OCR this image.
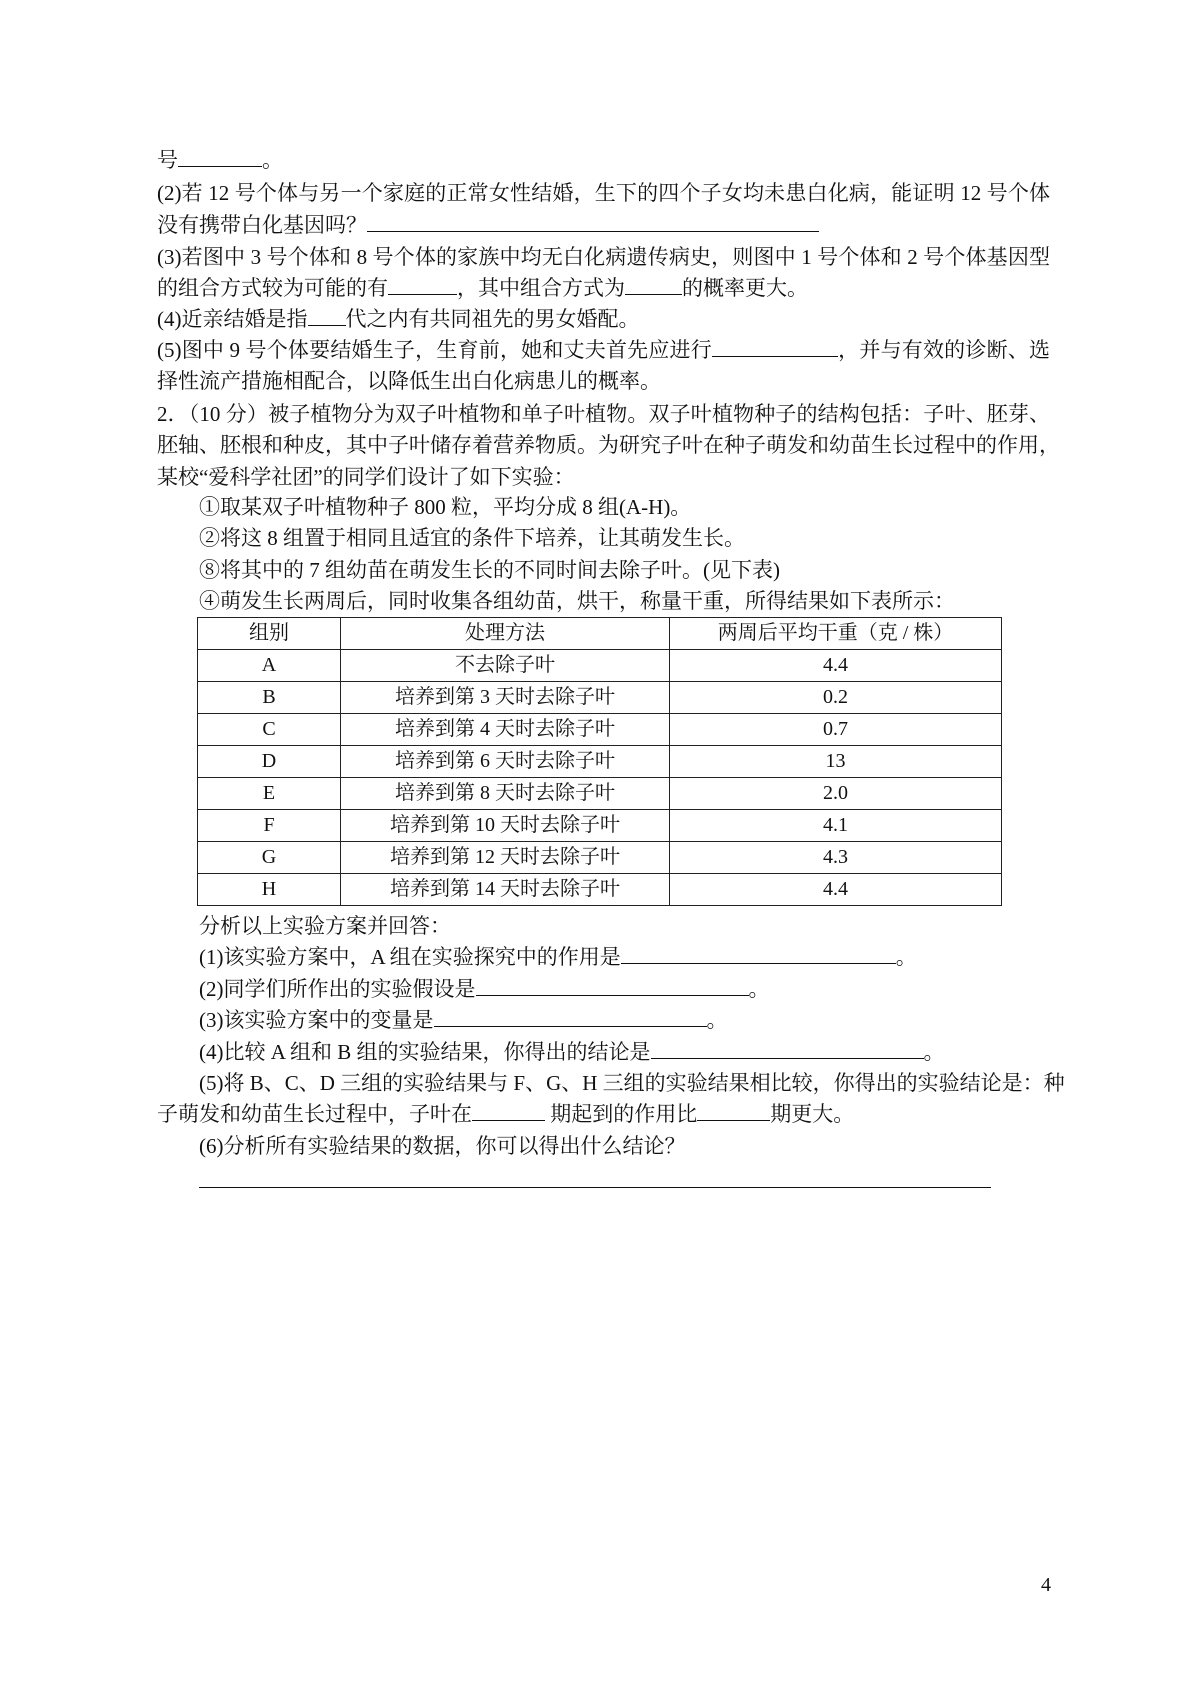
号	。
(2)若 12 号个体与另一个家庭的正常女性结婚，生下的四个子女均未患白化病，能证明 12 号个体
没有携带白化基因吗？
(3)若图中 3 号个体和 8 号个体的家族中均无白化病遗传病史，则图中 1 号个体和 2 号个体基因型
的组合方式较为可能的有	，其中组合方式为	的概率更大。
(4)近亲结婚是指 代之内有共同祖先的男女婚配。
(5)图中 9 号个体要结婚生子，生育前，她和丈夫首先应进行	，并与有效的诊断、选
择性流产措施相配合，以降低生出白化病患儿的概率。
2．（10 分）被子植物分为双子叶植物和单子叶植物。双子叶植物种子的结构包括：子叶、胚芽、
胚轴、胚根和种皮，其中子叶储存着营养物质。为研究子叶在种子萌发和幼苗生长过程中的作用，
某校“爱科学社团”的同学们设计了如下实验：
①取某双子叶植物种子 800 粒，平均分成 8 组(A-H)。
②将这 8 组置于相同且适宜的条件下培养，让其萌发生长。
⑧将其中的 7 组幼苗在萌发生长的不同时间去除子叶。(见下表)
④萌发生长两周后，同时收集各组幼苗，烘干，称量干重，所得结果如下表所示：
分析以上实验方案并回答：
(1)该实验方案中，A 组在实验探究中的作用是	。
(2)同学们所作出的实验假设是	。
(3)该实验方案中的变量是	。
(4)比较 A 组和 B 组的实验结果，你得出的结论是	。
(5)将 B、C、D 三组的实验结果与 F、G、H 三组的实验结果相比较，你得出的实验结论是：种
子萌发和幼苗生长过程中，子叶在	期起到的作用比	期更大。
(6)分析所有实验结果的数据，你可以得出什么结论？
组别	处理方法	两周后平均干重（克 / 株）
A	不去除子叶	4.4
B	培养到第 3 天时去除子叶	0.2
C	培养到第 4 天时去除子叶	0.7
D	培养到第 6 天时去除子叶	13
E	培养到第 8 天时去除子叶	2.0
F	培养到第 10 天时去除子叶	4.1
G	培养到第 12 天时去除子叶	4.3
H	培养到第 14 天时去除子叶	4.4
4
